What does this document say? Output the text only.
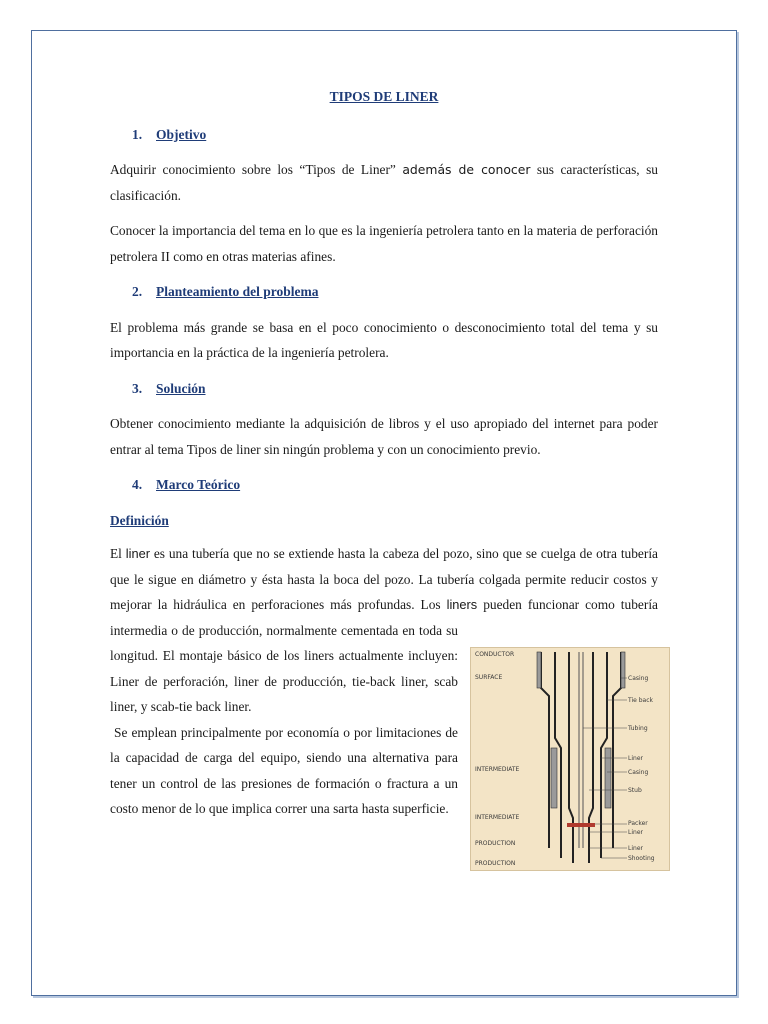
TIPOS DE LINER
1. Objetivo

Adquirir conocimiento sobre los “Tipos de Liner” además de conocer sus características, su clasificación.

Conocer la importancia del tema en lo que es la ingeniería petrolera tanto en la materia de perforación petrolera II como en otras materias afines.

2. Planteamiento del problema

El problema más grande se basa en el poco conocimiento o desconocimiento total del tema y su importancia en la práctica de la ingeniería petrolera.

3. Solución

Obtener conocimiento mediante la adquisición de libros y el uso apropiado del internet para poder entrar al tema Tipos de liner sin ningún problema y con un conocimiento previo.

4. Marco Teórico
Definición

El liner es una tubería que no se extiende hasta la cabeza del pozo, sino que se cuelga de otra tubería que le sigue en diámetro y ésta hasta la boca del pozo. La tubería colgada permite reducir costos y mejorar la hidráulica en perforaciones más profundas. Los liners pueden funcionar como tubería intermedia o de producción, normalmente cementada en toda su longitud. El montaje básico de los liners actualmente incluyen: Liner de perforación, liner de producción, tie-back liner, scab liner, y scab-tie back liner.

Se emplean principalmente por economía o por limitaciones de la capacidad de carga del equipo, siendo una alternativa para tener un control de las presiones de formación o fractura a un costo menor de lo que implica correr una sarta hasta superficie.

CONDUCTOR
SURFACE
INTERMEDIATE
INTERMEDIATE
PRODUCTION
PRODUCTION
Casing
Tie back
Tubing
Liner
Casing
Stub
Packer
Liner
Liner
Shooting
